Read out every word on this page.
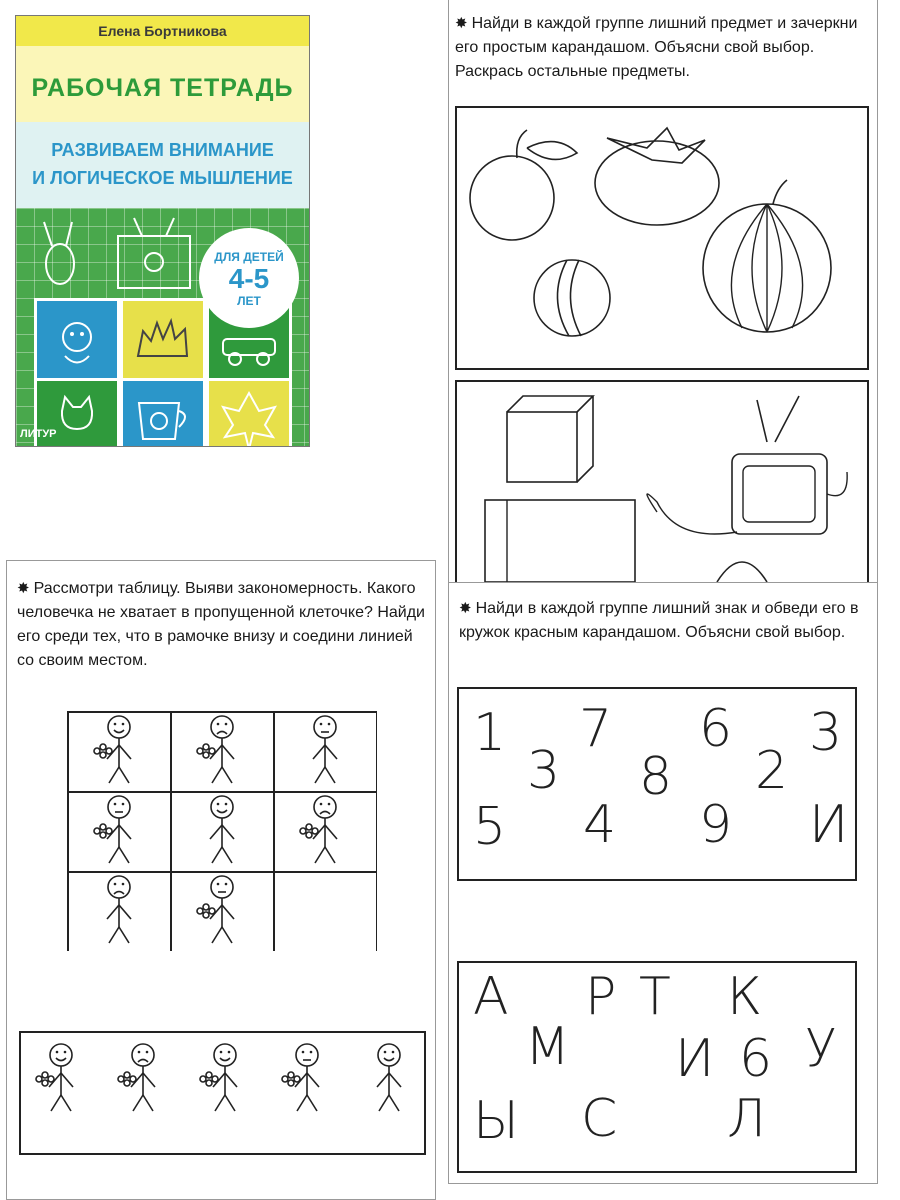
Елена Бортникова
РАБОЧАЯ ТЕТРАДЬ
РАЗВИВАЕМ ВНИМАНИЕ
И ЛОГИЧЕСКОЕ МЫШЛЕНИЕ
ДЛЯ ДЕТЕЙ
4-5
ЛЕТ
ЛИТУР
✸ Найди в каждой группе лишний предмет и зачеркни его простым карандашом. Объясни свой выбор. Раскрась остальные предметы.
✸ Рассмотри таблицу. Выяви закономерность. Какого человечка не хватает в пропущенной клеточке? Найди его среди тех, что в рамочке внизу и соедини линией со своим местом.
✸ Найди в каждой группе лишний знак и обведи его в кружок красным карандашом. Объясни свой выбор.
1 7 6 3
3 8 2
5 4 9 И
А Р Т К
М И 6 У
Ы С Л
